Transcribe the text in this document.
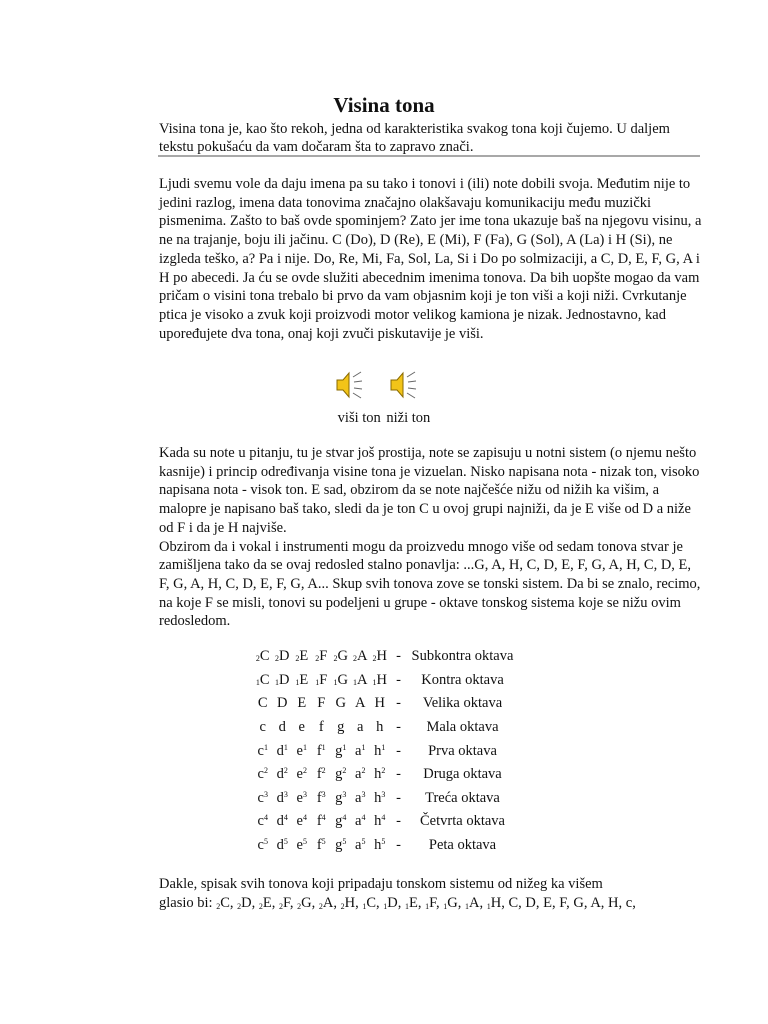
Visina tona
Visina tona je, kao što rekoh, jedna od karakteristika svakog tona koji čujemo. U daljem tekstu pokušaću da vam dočaram šta to zapravo znači.
Ljudi svemu vole da daju imena pa su tako i tonovi i (ili) note dobili svoja. Međutim nije to jedini razlog, imena data tonovima značajno olakšavaju komunikaciju među muzički pismenima. Zašto to baš ovde spominjem? Zato jer ime tona ukazuje baš na njegovu visinu, a ne na trajanje, boju ili jačinu. C (Do), D (Re), E (Mi), F (Fa), G (Sol), A (La) i H (Si), ne izgleda teško, a? Pa i nije. Do, Re, Mi, Fa, Sol, La, Si i Do po solmizaciji, a C, D, E, F, G, A i H po abecedi. Ja ću se ovde služiti abecednim imenima tonova. Da bih uopšte mogao da vam pričam o visini tona trebalo bi prvo da vam objasnim koji je ton viši a koji niži. Cvrkutanje ptica je visoko a zvuk koji proizvodi motor velikog kamiona je nizak. Jednostavno, kad upoređujete dva tona, onaj koji zvuči piskutavije je viši.
viši ton niži ton
Kada su note u pitanju, tu je stvar još prostija, note se zapisuju u notni sistem (o njemu nešto kasnije) i princip određivanja visine tona je vizuelan. Nisko napisana nota - nizak ton, visoko napisana nota - visok ton. E sad, obzirom da se note najčešće nižu od nižih ka višim, a malopre je napisano baš tako, sledi da je ton C u ovoj grupi najniži, da je E više od D a niže od F i da je H najviše.
Obzirom da i vokal i instrumenti mogu da proizvedu mnogo više od sedam tonova stvar je zamišljena tako da se ovaj redosled stalno ponavlja: ...G, A, H, C, D, E, F, G, A, H, C, D, E, F, G, A, H, C, D, E, F, G, A... Skup svih tonova zove se tonski sistem. Da bi se znalo, recimo, na koje F se misli, tonovi su podeljeni u grupe - oktave tonskog sistema koje se nižu ovim redosledom.
$_2$C	$_2$D	$_2$E	$_2$F	$_2$G	$_2$A	$_2$H	-	Subkontra oktava
$_1$C	$_1$D	$_1$E	$_1$F	$_1$G	$_1$A	$_1$H	-	Kontra oktava
C	D	E	F	G	A	H	-	Velika oktava
c	d	e	f	g	a	h	-	Mala oktava
$c^1$	$d^1$	$e^1$	$f^1$	$g^1$	$a^1$	$h^1$	-	Prva oktava
$c^2$	$d^2$	$e^2$	$f^2$	$g^2$	$a^2$	$h^2$	-	Druga oktava
$c^3$	$d^3$	$e^3$	$f^3$	$g^3$	$a^3$	$h^3$	-	Treća oktava
$c^4$	$d^4$	$e^4$	$f^4$	$g^4$	$a^4$	$h^4$	-	Četvrta oktava
$c^5$	$d^5$	$e^5$	$f^5$	$g^5$	$a^5$	$h^5$	-	Peta oktava
Dakle, spisak svih tonova koji pripadaju tonskom sistemu od nižeg ka višem
glasio bi: 2C, 2D, 2E, 2F, 2G, 2A, 2H, 1C, 1D, 1E, 1F, 1G, 1A, 1H, C, D, E, F, G, A, H, c,
